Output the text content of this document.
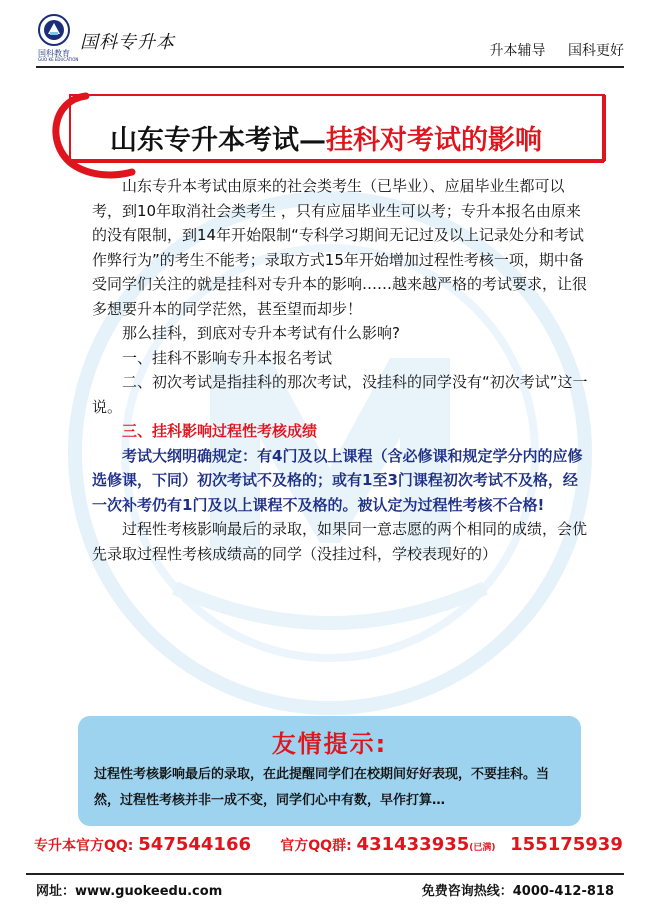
国科教育
GUO KE EDUCATION
国科专升本	升本辅导 国科更好
山东专升本考试—挂科对考试的影响

山东专升本考试由原来的社会类考生（已毕业）、应届毕业生都可以考，到10年取消社会类考生 ，只有应届毕业生可以考；专升本报名由原来的没有限制，到14年开始限制“专科学习期间无记过及以上记录处分和考试作弊行为”的考生不能考；录取方式15年开始增加过程性考核一项，期中备受同学们关注的就是挂科对专升本的影响……越来越严格的考试要求，让很多想要升本的同学茫然，甚至望而却步！

那么挂科，到底对专升本考试有什么影响?

一、挂科不影响专升本报名考试

二、初次考试是指挂科的那次考试，没挂科的同学没有“初次考试”这一说。

三、挂科影响过程性考核成绩

考试大纲明确规定：有4门及以上课程（含必修课和规定学分内的应修选修课，下同）初次考试不及格的；或有1至3门课程初次考试不及格，经一次补考仍有1门及以上课程不及格的。被认定为过程性考核不合格!

过程性考核影响最后的录取，如果同一意志愿的两个相同的成绩，会优先录取过程性考核成绩高的同学（没挂过科，学校表现好的）

友情提示:
过程性考核影响最后的录取，在此提醒同学们在校期间好好表现，不要挂科。当然，过程性考核并非一成不变，同学们心中有数，早作打算…
专升本官方QQ: 547544166 官方QQ群: 431433935(已满) 155175939
网址：www.guokeedu.com	免费咨询热线：4000-412-818
